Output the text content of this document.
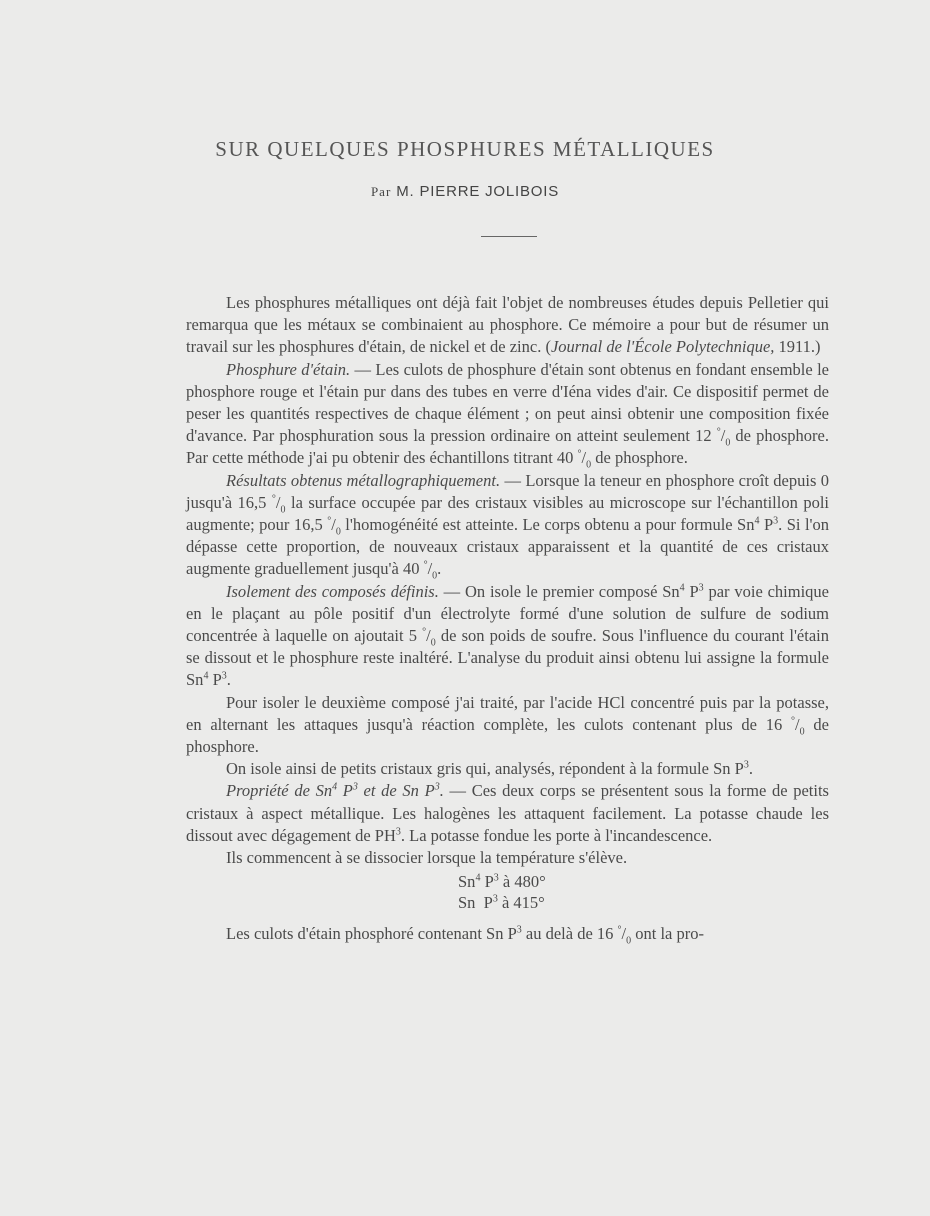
SUR QUELQUES PHOSPHURES MÉTALLIQUES
Par M. PIERRE JOLIBOIS

Les phosphures métalliques ont déjà fait l'objet de nombreuses études depuis Pelletier qui remarqua que les métaux se combinaient au phosphore. Ce mémoire a pour but de résumer un travail sur les phosphures d'étain, de nickel et de zinc. (Journal de l'École Polytechnique, 1911.)

Phosphure d'étain. — Les culots de phosphure d'étain sont obtenus en fondant ensemble le phosphore rouge et l'étain pur dans des tubes en verre d'Iéna vides d'air. Ce dispositif permet de peser les quantités respectives de chaque élément ; on peut ainsi obtenir une composition fixée d'avance. Par phosphuration sous la pression ordinaire on atteint seulement 12 $^\circ/_0$ de phosphore. Par cette méthode j'ai pu obtenir des échantillons titrant 40 $^\circ/_0$ de phosphore.

Résultats obtenus métallographiquement. — Lorsque la teneur en phosphore croît depuis 0 jusqu'à 16,5 $^\circ/_0$ la surface occupée par des cristaux visibles au microscope sur l'échantillon poli augmente; pour 16,5 $^\circ/_0$ l'homogénéité est atteinte. Le corps obtenu a pour formule Sn$^4$ $P^3$. Si l'on dépasse cette proportion, de nouveaux cristaux apparaissent et la quantité de ces cristaux augmente graduellement jusqu'à 40 $^\circ/_0$.

Isolement des composés définis. — On isole le premier composé Sn$^4$ $P^3$ par voie chimique en le plaçant au pôle positif d'un électrolyte formé d'une solution de sulfure de sodium concentrée à laquelle on ajoutait 5 $^\circ/_0$ de son poids de soufre. Sous l'influence du courant l'étain se dissout et le phosphure reste inaltéré. L'analyse du produit ainsi obtenu lui assigne la formule Sn$^4$ $P^3$.

Pour isoler le deuxième composé j'ai traité, par l'acide HCl concentré puis par la potasse, en alternant les attaques jusqu'à réaction complète, les culots contenant plus de 16 $^\circ/_0$ de phosphore.

On isole ainsi de petits cristaux gris qui, analysés, répondent à la formule Sn $P^3$.

Propriété de Sn$^4$ $P^3$ et de Sn $P^3$. — Ces deux corps se présentent sous la forme de petits cristaux à aspect métallique. Les halogènes les attaquent facilement. La potasse chaude les dissout avec dégagement de $PH^3$. La potasse fondue les porte à l'incandescence.

Ils commencent à se dissocier lorsque la température s'élève.

Sn$^4$ $P^3$ à 480°
Sn  $P^3$ à 415°

Les culots d'étain phosphoré contenant Sn $P^3$ au delà de 16 $^\circ/_0$ ont la pro-
